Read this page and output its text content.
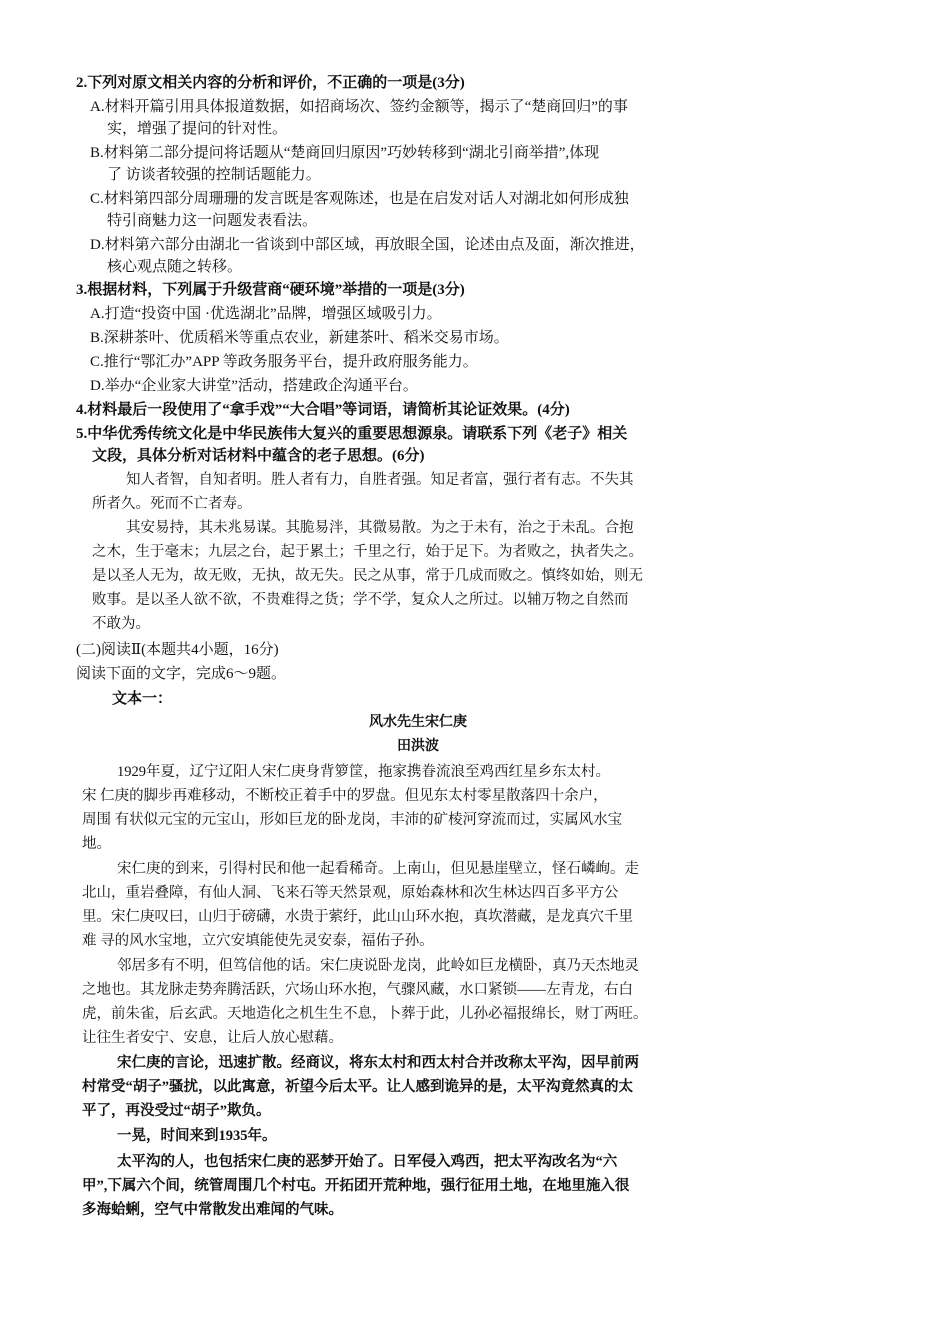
2.下列对原文相关内容的分析和评价，不正确的一项是(3分)
A.材料开篇引用具体报道数据，如招商场次、签约金额等，揭示了“楚商回归”的事
实，增强了提问的针对性。
B.材料第二部分提问将话题从“楚商回归原因”巧妙转移到“湖北引商举措”,体现
了 访谈者较强的控制话题能力。
C.材料第四部分周珊珊的发言既是客观陈述，也是在启发对话人对湖北如何形成独
特引商魅力这一问题发表看法。
D.材料第六部分由湖北一省谈到中部区域，再放眼全国，论述由点及面，渐次推进，
核心观点随之转移。
3.根据材料，下列属于升级营商“硬环境”举措的一项是(3分)
A.打造“投资中国 ·优选湖北”品牌，增强区域吸引力。
B.深耕茶叶、优质稻米等重点农业，新建茶叶、稻米交易市场。
C.推行“鄂汇办”APP 等政务服务平台，提升政府服务能力。
D.举办“企业家大讲堂”活动，搭建政企沟通平台。
4.材料最后一段使用了“拿手戏”“大合唱”等词语，请简析其论证效果。(4分)
5.中华优秀传统文化是中华民族伟大复兴的重要思想源泉。请联系下列《老子》相关
文段，具体分析对话材料中蕴含的老子思想。(6分)
知人者智，自知者明。胜人者有力，自胜者强。知足者富，强行者有志。不失其
所者久。死而不亡者寿。
其安易持，其未兆易谋。其脆易泮，其微易散。为之于未有，治之于未乱。合抱
之木，生于毫末；九层之台，起于累土；千里之行，始于足下。为者败之，执者失之。
是以圣人无为，故无败，无执，故无失。民之从事，常于几成而败之。慎终如始，则无
败事。是以圣人欲不欲，不贵难得之货；学不学，复众人之所过。以辅万物之自然而
不敢为。
(二)阅读Ⅱ(本题共4小题，16分)
阅读下面的文字，完成6～9题。
文本一：
风水先生宋仁庚
田洪波
1929年夏，辽宁辽阳人宋仁庚身背箩筐，拖家携眷流浪至鸡西红星乡东太村。
宋 仁庚的脚步再难移动，不断校正着手中的罗盘。但见东太村零星散落四十余户，
周围 有状似元宝的元宝山，形如巨龙的卧龙岗，丰沛的矿棱河穿流而过，实属风水宝
地。
宋仁庚的到来，引得村民和他一起看稀奇。上南山，但见悬崖壁立，怪石嶙峋。走
北山，重岩叠障，有仙人洞、飞来石等天然景观，原始森林和次生林达四百多平方公
里。宋仁庚叹曰，山归于磅礴，水贵于萦纡，此山山环水抱，真坎潜藏，是龙真穴千里
难 寻的风水宝地，立穴安填能使先灵安泰，福佑子孙。
邻居多有不明，但笃信他的话。宋仁庚说卧龙岗，此岭如巨龙横卧，真乃天杰地灵
之地也。其龙脉走势奔腾活跃，穴场山环水抱，气骤风藏，水口紧锁——左青龙，右白
虎，前朱雀，后玄武。天地造化之机生生不息，卜葬于此，儿孙必福报绵长，财丁两旺。
让往生者安宁、安息，让后人放心慰藉。
宋仁庚的言论，迅速扩散。经商议，将东太村和西太村合并改称太平沟，因早前两
村常受“胡子”骚扰，以此寓意，祈望今后太平。让人感到诡异的是，太平沟竟然真的太
平了，再没受过“胡子”欺负。
一晃，时间来到1935年。
太平沟的人，也包括宋仁庚的恶梦开始了。日军侵入鸡西，把太平沟改名为“六
甲”,下属六个间，统管周围几个村屯。开拓团开荒种地，强行征用土地，在地里施入很
多海蛤蜊，空气中常散发出难闻的气味。
